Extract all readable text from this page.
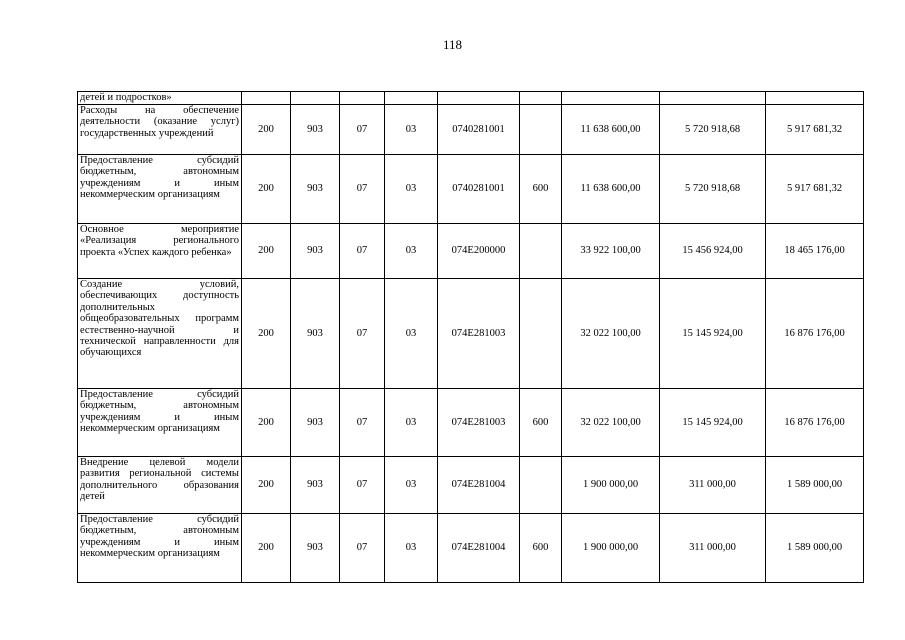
118
детей и подростков»									
Расходы на обеспечение деятельности (оказание услуг) государственных учреждений	200	903	07	03	0740281001		11 638 600,00	5 720 918,68	5 917 681,32
Предоставление субсидий бюджетным, автономным учреждениям и иным некоммерческим организациям	200	903	07	03	0740281001	600	11 638 600,00	5 720 918,68	5 917 681,32
Основное мероприятие «Реализация регионального проекта «Успех каждого ребенка»	200	903	07	03	074E200000		33 922 100,00	15 456 924,00	18 465 176,00
Создание условий, обеспечивающих доступность дополнительных общеобразовательных программ естественно-научной и технической направленности для обучающихся	200	903	07	03	074E281003		32 022 100,00	15 145 924,00	16 876 176,00
Предоставление субсидий бюджетным, автономным учреждениям и иным некоммерческим организациям	200	903	07	03	074E281003	600	32 022 100,00	15 145 924,00	16 876 176,00
Внедрение целевой модели развития региональной системы дополнительного образования детей	200	903	07	03	074E281004		1 900 000,00	311 000,00	1 589 000,00
Предоставление субсидий бюджетным, автономным учреждениям и иным некоммерческим организациям	200	903	07	03	074E281004	600	1 900 000,00	311 000,00	1 589 000,00
